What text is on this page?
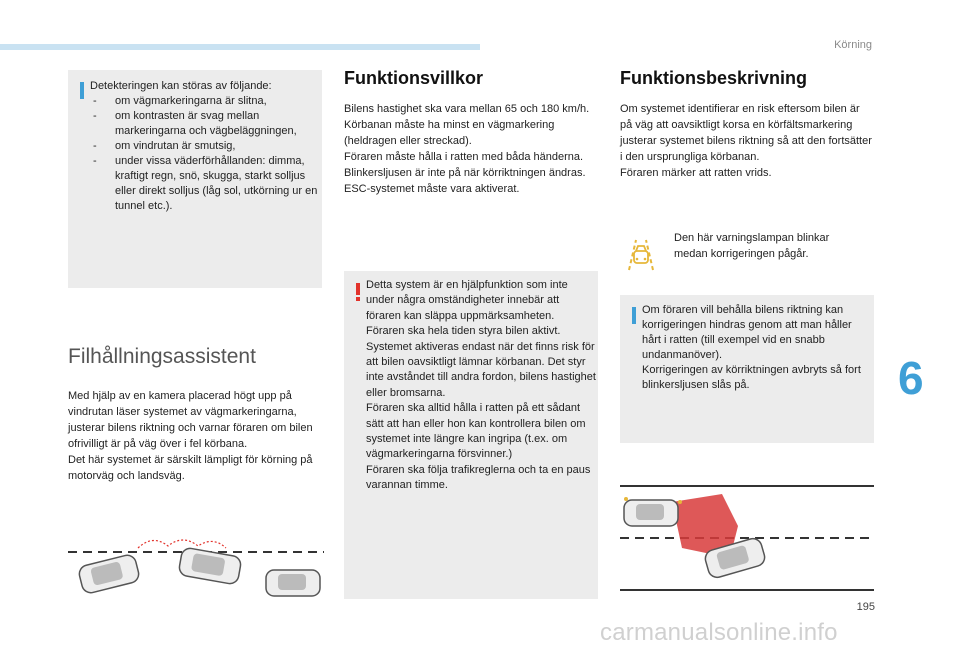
Körning
6
195
carmanualsonline.info
Detekteringen kan störas av följande:
- om vägmarkeringarna är slitna,
- om kontrasten är svag mellan markeringarna och vägbeläggningen,
- om vindrutan är smutsig,
- under vissa väderförhållanden: dimma, kraftigt regn, snö, skugga, starkt solljus eller direkt solljus (låg sol, utkörning ur en tunnel etc.).
Filhållningsassistent

Med hjälp av en kamera placerad högt upp på vindrutan läser systemet av vägmarkeringarna, justerar bilens riktning och varnar föraren om bilen ofrivilligt är på väg över i fel körbana.

Det här systemet är särskilt lämpligt för körning på motorväg och landsväg.

Funktionsvillkor

Bilens hastighet ska vara mellan 65 och 180 km/h.

Körbanan måste ha minst en vägmarkering (heldragen eller streckad).

Föraren måste hålla i ratten med båda händerna.

Blinkersljusen är inte på när körriktningen ändras.

ESC-systemet måste vara aktiverat.

Detta system är en hjälpfunktion som inte under några omständigheter innebär att föraren kan släppa uppmärksamheten.

Föraren ska hela tiden styra bilen aktivt.

Systemet aktiveras endast när det finns risk för att bilen oavsiktligt lämnar körbanan. Det styr inte avståndet till andra fordon, bilens hastighet eller bromsarna.

Föraren ska alltid hålla i ratten på ett sådant sätt att han eller hon kan kontrollera bilen om systemet inte längre kan ingripa (t.ex. om vägmarkeringarna försvinner.)

Föraren ska följa trafikreglerna och ta en paus varannan timme.

Funktionsbeskrivning

Om systemet identifierar en risk eftersom bilen är på väg att oavsiktligt korsa en körfältsmarkering justerar systemet bilens riktning så att den fortsätter i den ursprungliga körbanan.

Föraren märker att ratten vrids.

Den här varningslampan blinkar medan korrigeringen pågår.

Om föraren vill behålla bilens riktning kan korrigeringen hindras genom att man håller hårt i ratten (till exempel vid en snabb undanmanöver).

Korrigeringen av körriktningen avbryts så fort blinkersljusen slås på.
